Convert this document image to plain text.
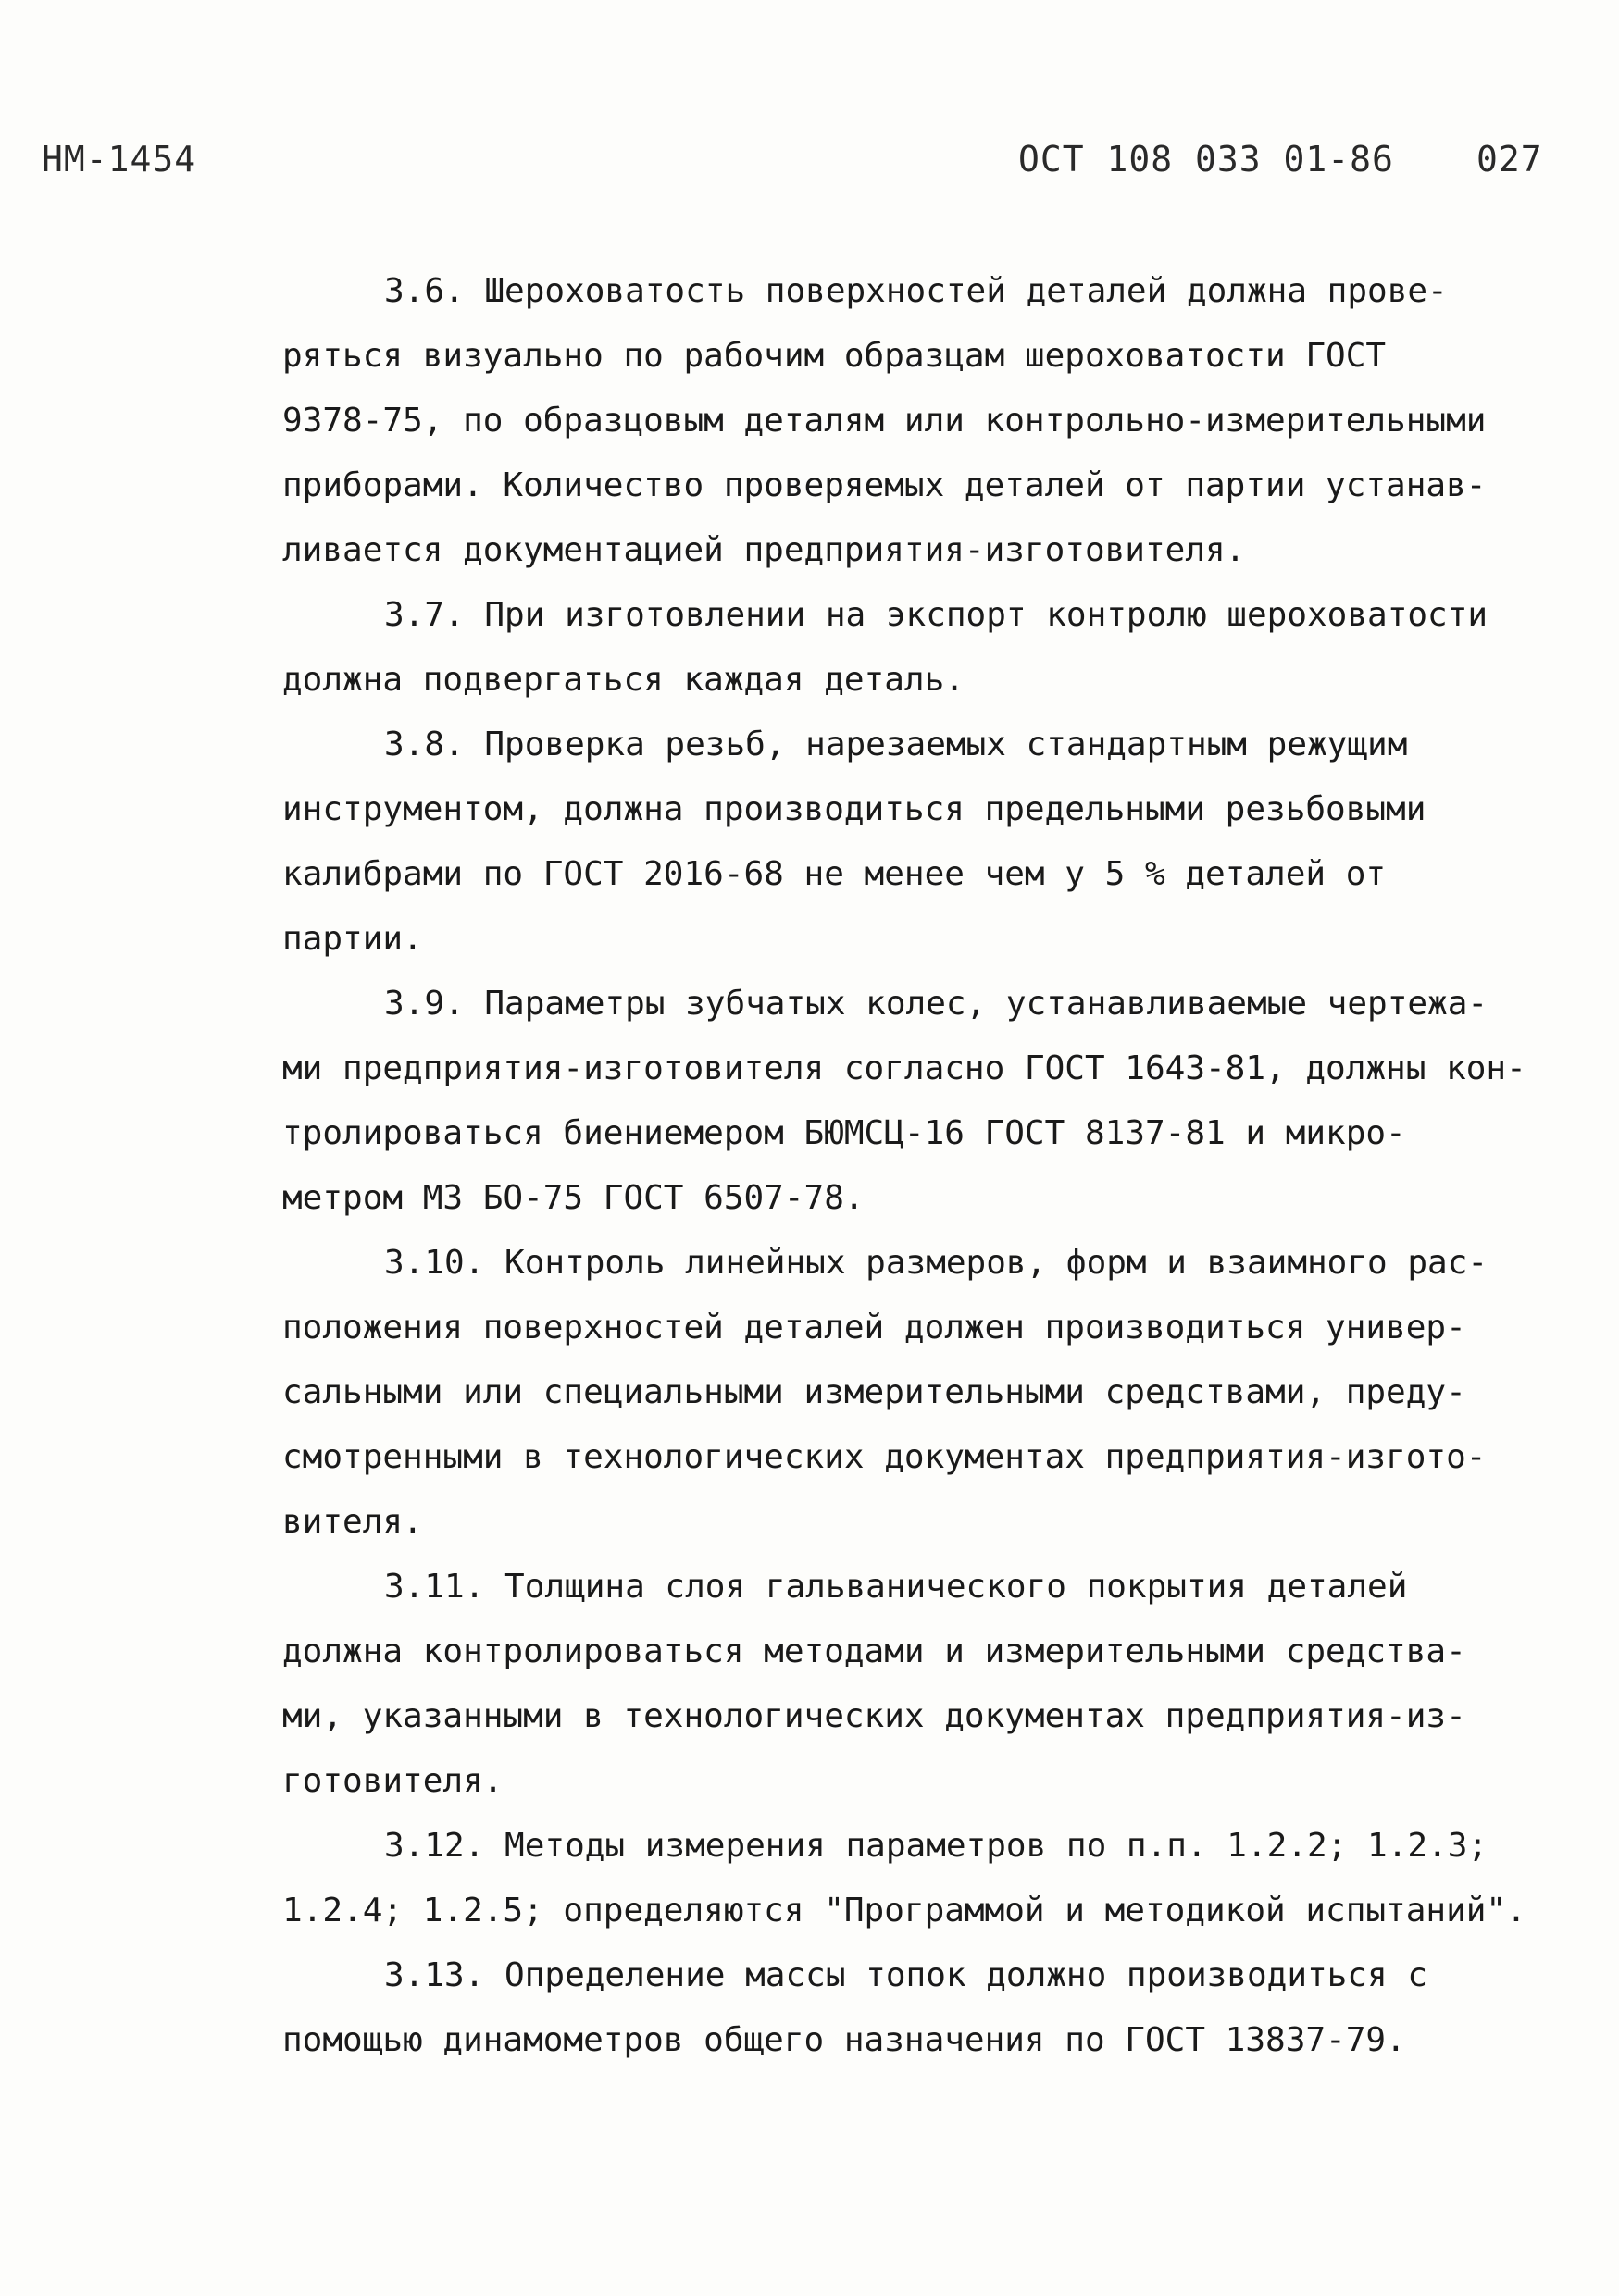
НМ-1454	ОСТ 108 033 01-86 027
3.6. Шероховатость поверхностей деталей должна прове-
ряться визуально по рабочим образцам шероховатости ГОСТ
9378-75, по образцовым деталям или контрольно-измерительными
приборами. Количество проверяемых деталей от партии устанав-
ливается документацией предприятия-изготовителя.
3.7. При изготовлении на экспорт контролю шероховатости
должна подвергаться каждая деталь.
3.8. Проверка резьб, нарезаемых стандартным режущим
инструментом, должна производиться предельными резьбовыми
калибрами по ГОСТ 2016-68 не менее чем у 5 % деталей от
партии.
3.9. Параметры зубчатых колес, устанавливаемые чертежа-
ми предприятия-изготовителя согласно ГОСТ 1643-81, должны кон-
тролироваться биениемером БЮМСЦ-16 ГОСТ 8137-81 и микро-
метром МЗ БО-75 ГОСТ 6507-78.
3.10. Контроль линейных размеров, форм и взаимного рас-
положения поверхностей деталей должен производиться универ-
сальными или специальными измерительными средствами, преду-
смотренными в технологических документах предприятия-изгото-
вителя.
3.11. Толщина слоя гальванического покрытия деталей
должна контролироваться методами и измерительными средства-
ми, указанными в технологических документах предприятия-из-
готовителя.
3.12. Методы измерения параметров по п.п. 1.2.2; 1.2.3;
1.2.4; 1.2.5; определяются "Программой и методикой испытаний".
3.13. Определение массы топок должно производиться с
помощью динамометров общего назначения по ГОСТ 13837-79.
